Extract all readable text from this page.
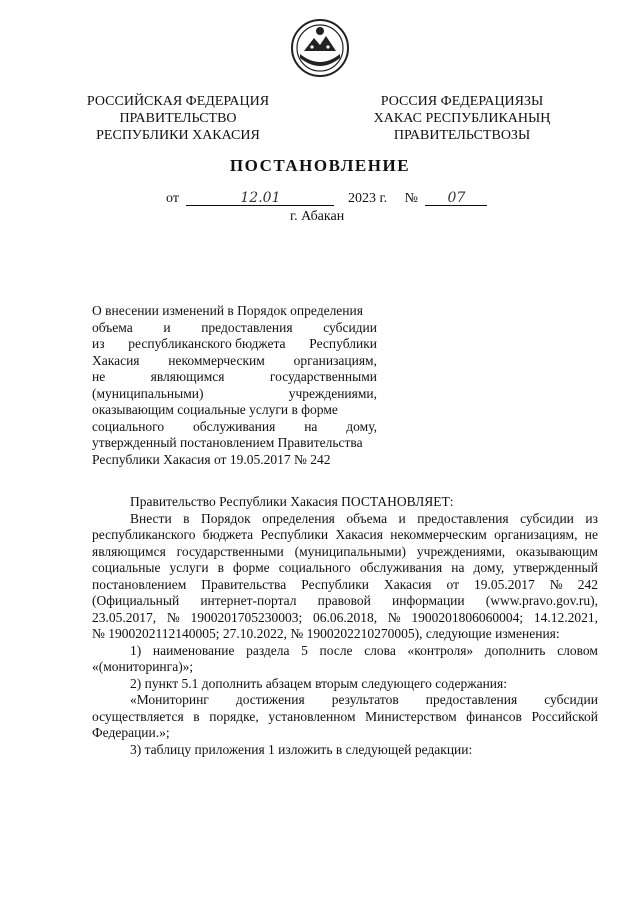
РОССИЙСКАЯ ФЕДЕРАЦИЯ
ПРАВИТЕЛЬСТВО
РЕСПУБЛИКИ ХАКАСИЯ
РОССИЯ ФЕДЕРАЦИЯЗЫ
ХАКАС РЕСПУБЛИКАНЫҢ
ПРАВИТЕЛЬСТВОЗЫ
ПОСТАНОВЛЕНИЕ
от	12.01	2023 г. № 07
г. Абакан
О внесении изменений в Порядок определения
объема и предоставления субсидии
из республиканского бюджета Республики
Хакасия некоммерческим организациям,
не	являющимся	государственными
(муниципальными)	учреждениями,
оказывающим социальные услуги в форме
социального обслуживания на дому,
утвержденный постановлением Правительства
Республики Хакасия от 19.05.2017 № 242
Правительство Республики Хакасия ПОСТАНОВЛЯЕТ:
Внести в Порядок определения объема и предоставления субсидии из
республиканского бюджета Республики Хакасия некоммерческим организациям, не
являющимся государственными (муниципальными) учреждениями, оказывающим
социальные услуги в форме социального обслуживания на дому, утвержденный
постановлением Правительства Республики Хакасия от 19.05.2017 № 242
(Официальный интернет-портал правовой информации (www.pravo.gov.ru),
23.05.2017, № 1900201705230003; 06.06.2018, № 1900201806060004; 14.12.2021,
№ 1900202112140005; 27.10.2022, № 1900202210270005), следующие изменения:
1) наименование раздела 5 после слова «контроля» дополнить словом
«(мониторинга)»;
2) пункт 5.1 дополнить абзацем вторым следующего содержания:
«Мониторинг достижения результатов предоставления субсидии
осуществляется в порядке, установленном Министерством финансов Российской
Федерации.»;
3) таблицу приложения 1 изложить в следующей редакции:
